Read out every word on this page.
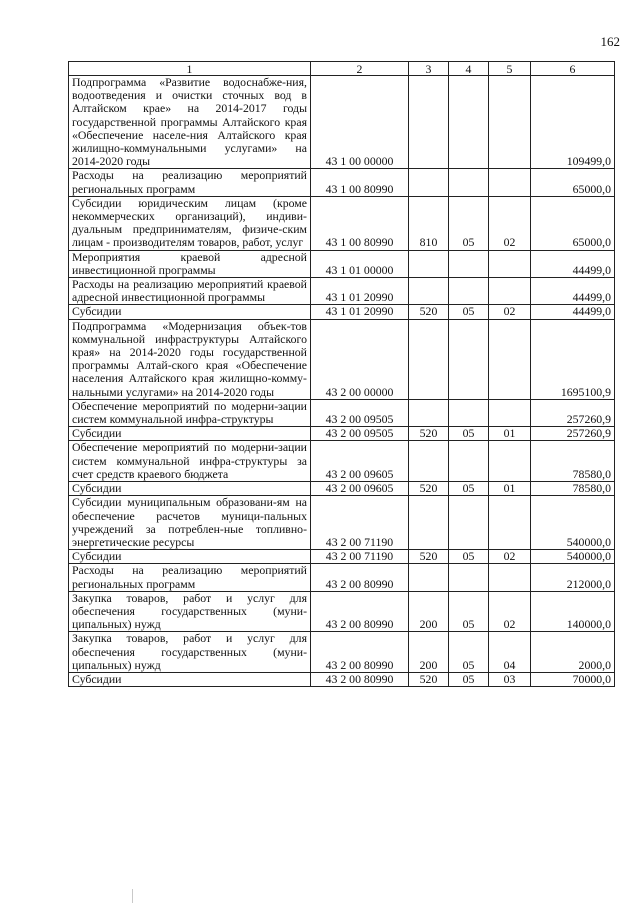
162
1	2	3	4	5	6
Подпрограмма «Развитие водоснабже-ния, водоотведения и очистки сточных вод в Алтайском крае» на 2014-2017 годы государственной программы Алтайского края «Обеспечение населе-ния Алтайского края жилищно-коммунальными услугами» на 2014-2020 годы	43 1 00 00000				109499,0
Расходы на реализацию мероприятий региональных программ	43 1 00 80990				65000,0
Субсидии юридическим лицам (кроме некоммерческих организаций), индиви-дуальным предпринимателям, физиче-ским лицам - производителям товаров, работ, услуг	43 1 00 80990	810	05	02	65000,0
Мероприятия краевой адресной инвестиционной программы	43 1 01 00000				44499,0
Расходы на реализацию мероприятий краевой адресной инвестиционной программы	43 1 01 20990				44499,0
Субсидии	43 1 01 20990	520	05	02	44499,0
Подпрограмма «Модернизация объек-тов коммунальной инфраструктуры Алтайского края» на 2014-2020 годы государственной программы Алтай-ского края «Обеспечение населения Алтайского края жилищно-комму-нальными услугами» на 2014-2020 годы	43 2 00 00000				1695100,9
Обеспечение мероприятий по модерни-зации систем коммунальной инфра-структуры	43 2 00 09505				257260,9
Субсидии	43 2 00 09505	520	05	01	257260,9
Обеспечение мероприятий по модерни-зации систем коммунальной инфра-структуры за счет средств краевого бюджета	43 2 00 09605				78580,0
Субсидии	43 2 00 09605	520	05	01	78580,0
Субсидии муниципальным образовани-ям на обеспечение расчетов муници-пальных учреждений за потреблен-ные топливно-энергетические ресурсы	43 2 00 71190				540000,0
Субсидии	43 2 00 71190	520	05	02	540000,0
Расходы на реализацию мероприятий региональных программ	43 2 00 80990				212000,0
Закупка товаров, работ и услуг для обеспечения государственных (муни-ципальных) нужд	43 2 00 80990	200	05	02	140000,0
Закупка товаров, работ и услуг для обеспечения государственных (муни-ципальных) нужд	43 2 00 80990	200	05	04	2000,0
Субсидии	43 2 00 80990	520	05	03	70000,0
